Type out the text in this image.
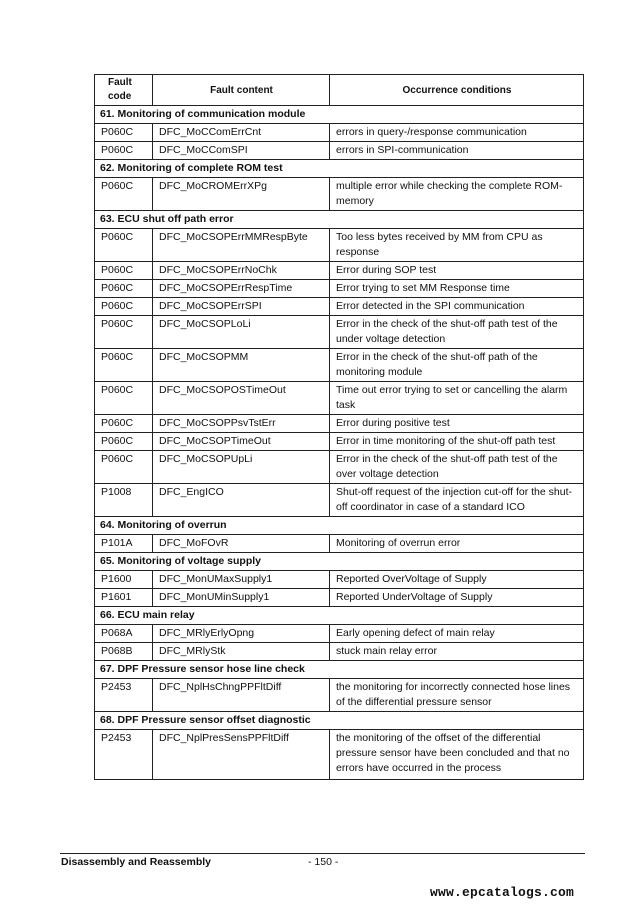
Fault code	Fault content	Occurrence conditions
61. Monitoring of communication module		
P060C	DFC_MoCComErrCnt	errors in query-/response communication
P060C	DFC_MoCComSPI	errors in SPI-communication
62. Monitoring of complete ROM test		
P060C	DFC_MoCROMErrXPg	multiple error while checking the complete ROM-memory
63. ECU shut off path error		
P060C	DFC_MoCSOPErrMMRespByte	Too less bytes received by MM from CPU as response
P060C	DFC_MoCSOPErrNoChk	Error during SOP test
P060C	DFC_MoCSOPErrRespTime	Error trying to set MM Response time
P060C	DFC_MoCSOPErrSPI	Error detected in the SPI communication
P060C	DFC_MoCSOPLoLi	Error in the check of the shut-off path test of the under voltage detection
P060C	DFC_MoCSOPMM	Error in the check of the shut-off path of the monitoring module
P060C	DFC_MoCSOPOSTimeOut	Time out error trying to set or cancelling the alarm task
P060C	DFC_MoCSOPPsvTstErr	Error during positive test
P060C	DFC_MoCSOPTimeOut	Error in time monitoring of the shut-off path test
P060C	DFC_MoCSOPUpLi	Error in the check of the shut-off path test of the over voltage detection
P1008	DFC_EngICO	Shut-off request of the injection cut-off for the shut-off coordinator in case of a standard ICO
64. Monitoring of overrun		
P101A	DFC_MoFOvR	Monitoring of overrun error
65. Monitoring of voltage supply		
P1600	DFC_MonUMaxSupply1	Reported OverVoltage of Supply
P1601	DFC_MonUMinSupply1	Reported UnderVoltage of Supply
66. ECU main relay		
P068A	DFC_MRlyErlyOpng	Early opening defect of main relay
P068B	DFC_MRlyStk	stuck main relay error
67. DPF Pressure sensor hose line check		
P2453	DFC_NplHsChngPPFltDiff	the monitoring for incorrectly connected hose lines of the differential pressure sensor
68. DPF Pressure sensor offset diagnostic		
P2453	DFC_NplPresSensPPFltDiff	the monitoring of the offset of the differential pressure sensor have been concluded and that no errors have occurred in the process
Disassembly and Reassembly	- 150 -
www.epcatalogs.com
